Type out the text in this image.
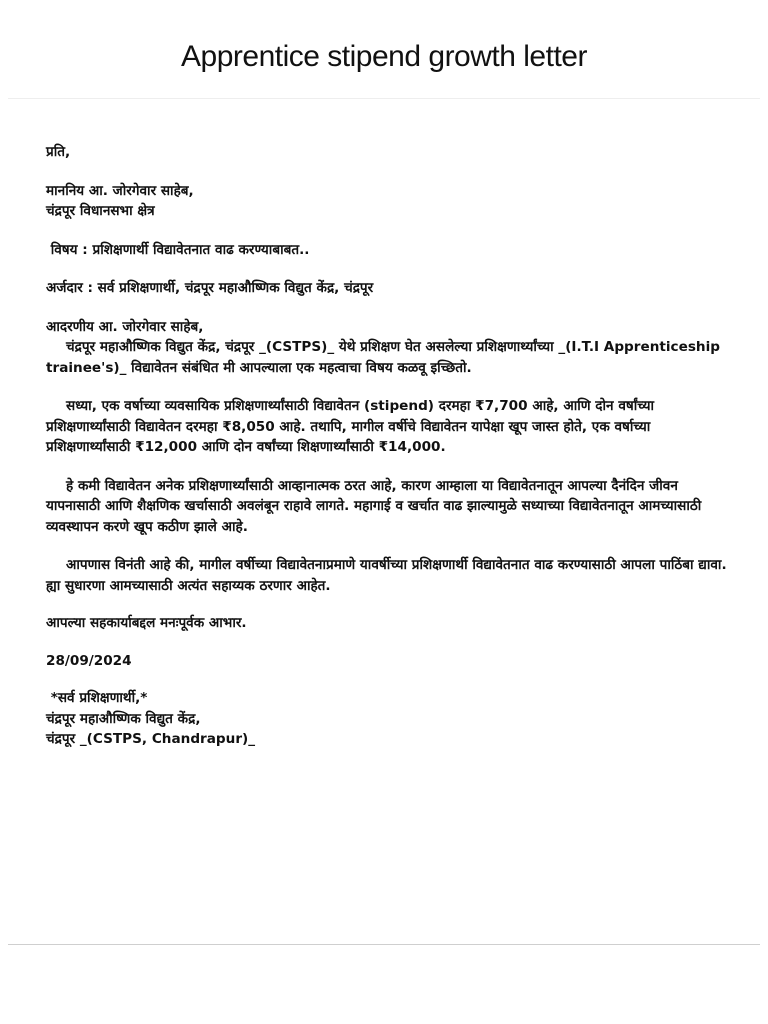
Apprentice stipend growth letter

प्रति,

माननिय आ. जोरगेवार साहेब,

चंद्रपूर विधानसभा क्षेत्र

विषय : प्रशिक्षणार्थी विद्यावेतनात वाढ करण्याबाबत..

अर्जदार : सर्व प्रशिक्षणार्थी, चंद्रपूर महाऔष्णिक विद्युत केंद्र, चंद्रपूर

आदरणीय आ. जोरगेवार साहेब,

चंद्रपूर महाऔष्णिक विद्युत केंद्र, चंद्रपूर _(CSTPS)_ येथे प्रशिक्षण घेत असलेल्या प्रशिक्षणार्थ्यांच्या _(I.T.I Apprenticeship trainee's)_ विद्यावेतन संबंधित मी आपल्याला एक महत्वाचा विषय कळवू इच्छितो.

सध्या, एक वर्षाच्या व्यवसायिक प्रशिक्षणार्थ्यांसाठी विद्यावेतन (stipend) दरमहा ₹7,700 आहे, आणि दोन वर्षांच्या प्रशिक्षणार्थ्यांसाठी विद्यावेतन दरमहा ₹8,050 आहे. तथापि, मागील वर्षीचे विद्यावेतन यापेक्षा खूप जास्त होते, एक वर्षाच्या प्रशिक्षणार्थ्यांसाठी ₹12,000 आणि दोन वर्षांच्या शिक्षणार्थ्यांसाठी ₹14,000.

हे कमी विद्यावेतन अनेक प्रशिक्षणार्थ्यांसाठी आव्हानात्मक ठरत आहे, कारण आम्हाला या विद्यावेतनातून आपल्या दैनंदिन जीवन यापनासाठी आणि शैक्षणिक खर्चासाठी अवलंबून राहावे लागते. महागाई व खर्चात वाढ झाल्यामुळे सध्याच्या विद्यावेतनातून आमच्यासाठी व्यवस्थापन करणे खूप कठीण झाले आहे.

आपणास विनंती आहे की, मागील वर्षीच्या विद्यावेतनाप्रमाणे यावर्षीच्या प्रशिक्षणार्थी विद्यावेतनात वाढ करण्यासाठी आपला पाठिंबा द्यावा. ह्या सुधारणा आमच्यासाठी अत्यंत सहाय्यक ठरणार आहेत.

आपल्या सहकार्याबद्दल मनःपूर्वक आभार.

28/09/2024

*सर्व प्रशिक्षणार्थी,*

चंद्रपूर महाऔष्णिक विद्युत केंद्र,

चंद्रपूर _(CSTPS, Chandrapur)_
